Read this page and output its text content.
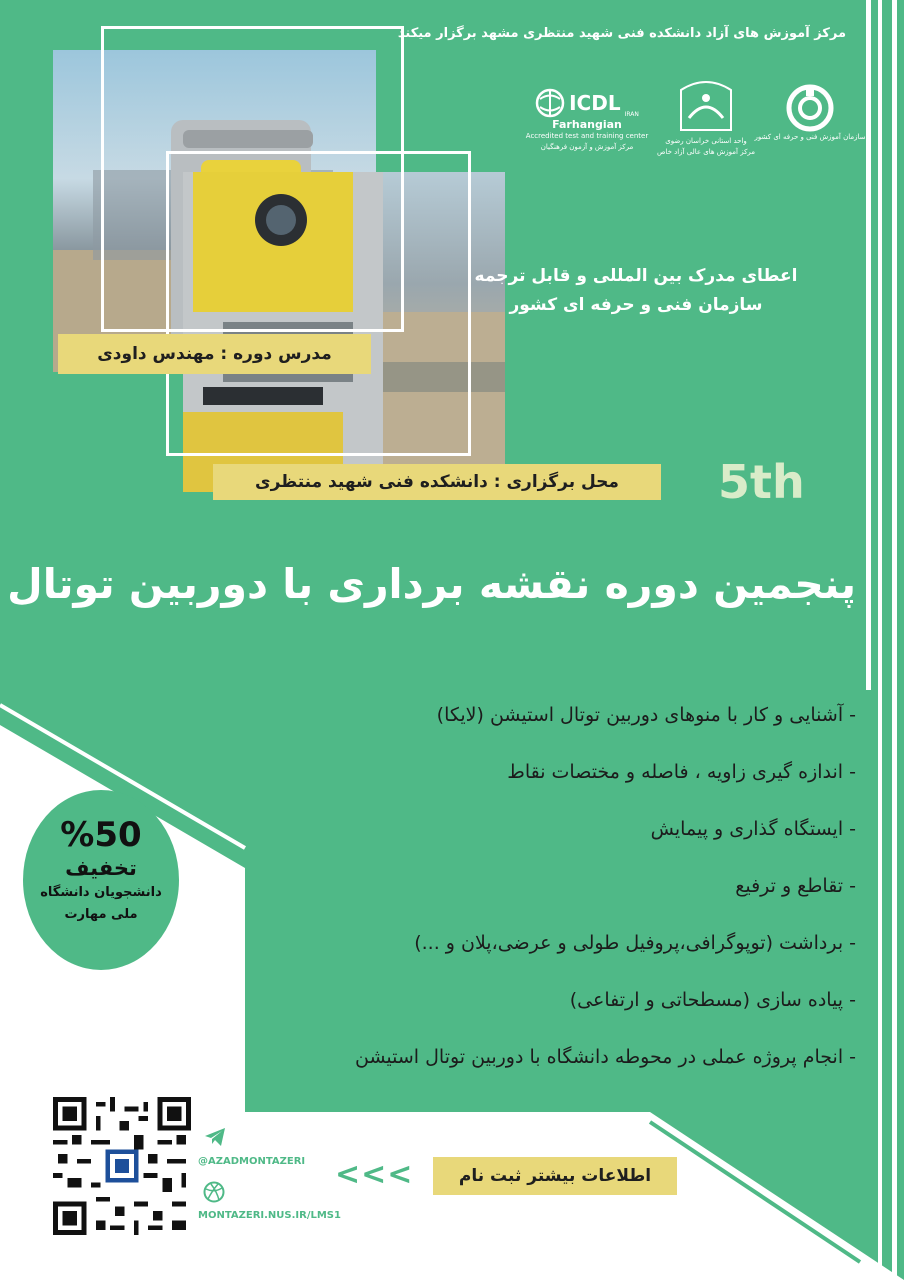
مرکز آموزش های آزاد دانشکده فنی شهید منتظری مشهد برگزار میکند
سازمان آموزش فنی و حرفه ای کشور
واحد استانی خراسان رضوی
مرکز آموزش های عالی آزاد خاص
ICDL IRAN
Farhangian
Accredited test and training center
مرکز آموزش و آزمون فرهنگیان
مدرس دوره : مهندس داودی
محل برگزاری : دانشکده فنی شهید منتظری
اعطای مدرک بین المللی و قابل ترجمه
سازمان فنی و حرفه ای کشور
5th
پنجمین دوره نقشه برداری با دوربین توتال
- آشنایی و کار با منوهای دوربین توتال استیشن (لایکا)
- اندازه گیری زاویه ، فاصله و مختصات نقاط
- ایستگاه گذاری و پیمایش
- تقاطع و ترفیع
- برداشت (توپوگرافی،پروفیل طولی و عرضی،پلان و ...)
- پیاده سازی (مسطحاتی و ارتفاعی)
- انجام پروژه عملی در محوطه دانشگاه با دوربین توتال استیشن
%50
تخفیف
دانشجویان دانشگاه
ملی مهارت
@AZADMONTAZERI
MONTAZERI.NUS.IR/LMS1
<<<	اطلاعات بیشتر ثبت نام
